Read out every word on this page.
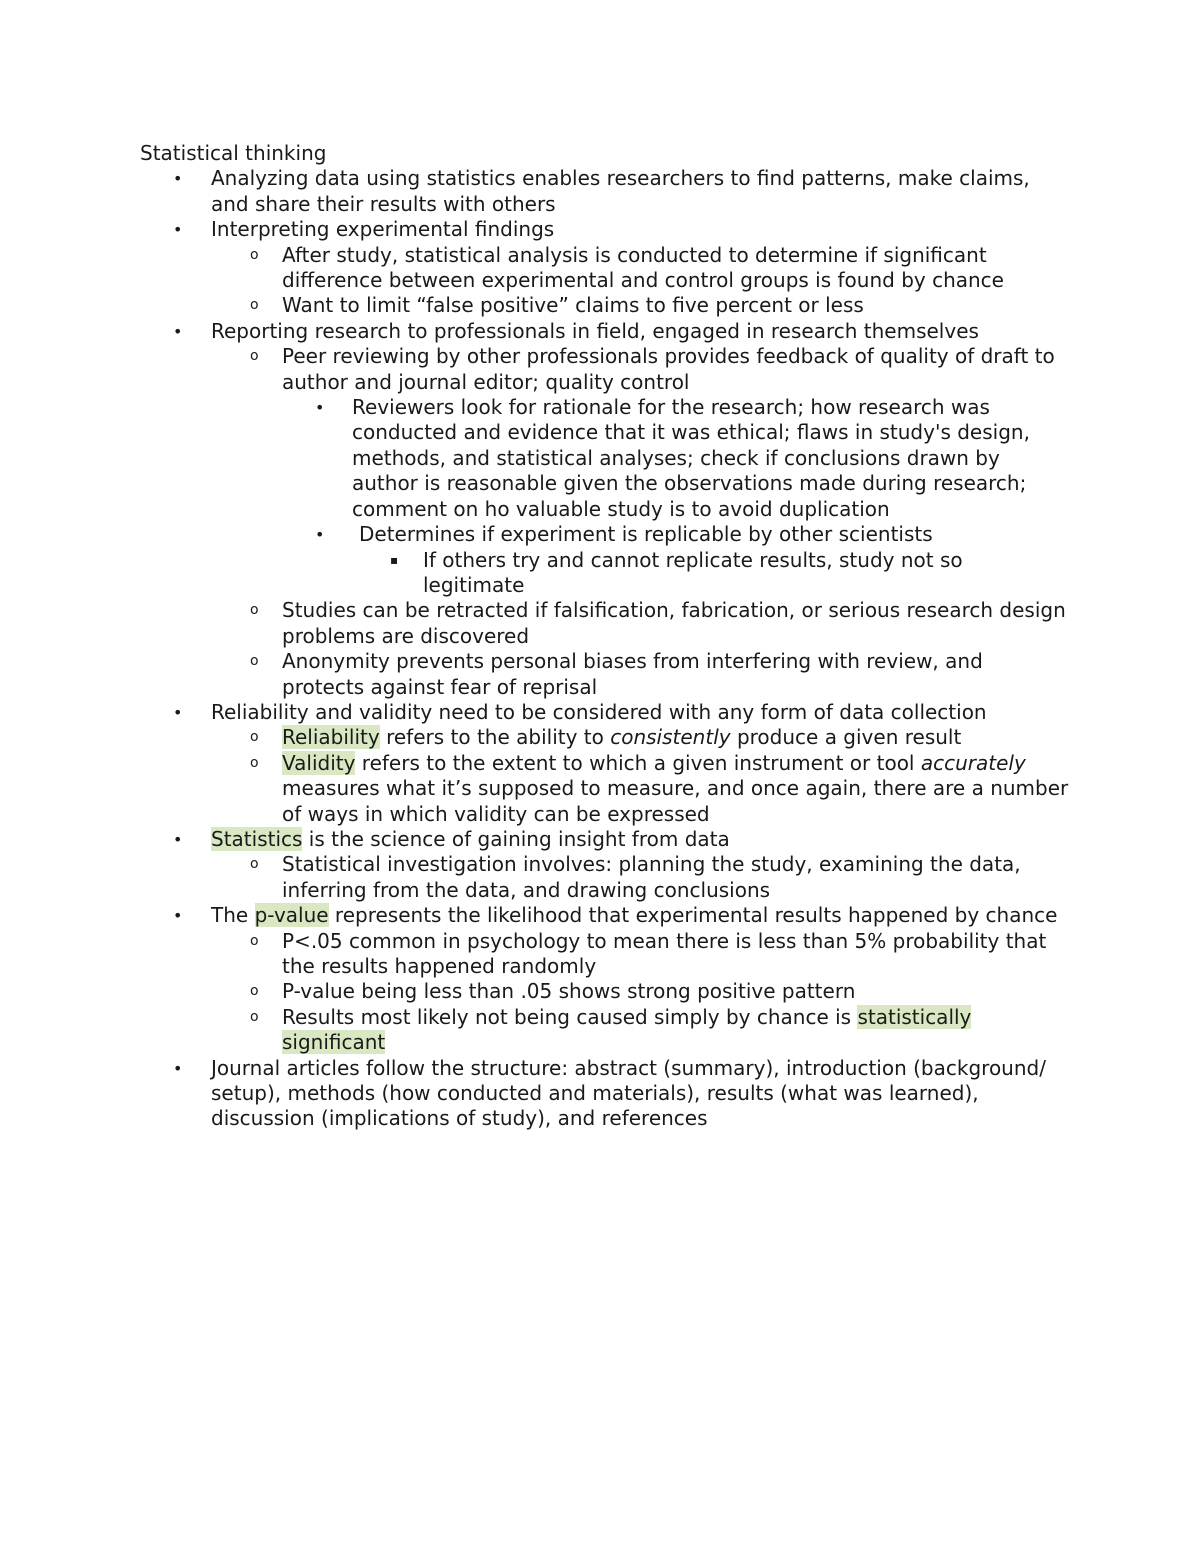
Statistical thinking

• Analyzing data using statistics enables researchers to find patterns, make claims, and share their results with others
• Interpreting experimental findings
o After study, statistical analysis is conducted to determine if significant difference between experimental and control groups is found by chance
o Want to limit “false positive” claims to five percent or less
• Reporting research to professionals in field, engaged in research themselves
o Peer reviewing by other professionals provides feedback of quality of draft to author and journal editor; quality control
• Reviewers look for rationale for the research; how research was conducted and evidence that it was ethical; flaws in study's design, methods, and statistical analyses; check if conclusions drawn by author is reasonable given the observations made during research; comment on ho valuable study is to avoid duplication
• Determines if experiment is replicable by other scientists
▪ If others try and cannot replicate results, study not so legitimate
o Studies can be retracted if falsification, fabrication, or serious research design problems are discovered
o Anonymity prevents personal biases from interfering with review, and protects against fear of reprisal
• Reliability and validity need to be considered with any form of data collection
o Reliability refers to the ability to consistently produce a given result
o Validity refers to the extent to which a given instrument or tool accurately measures what it’s supposed to measure, and once again, there are a number of ways in which validity can be expressed
• Statistics is the science of gaining insight from data
o Statistical investigation involves: planning the study, examining the data, inferring from the data, and drawing conclusions
• The p-value represents the likelihood that experimental results happened by chance
o P<.05 common in psychology to mean there is less than 5% probability that the results happened randomly
o P-value being less than .05 shows strong positive pattern
o Results most likely not being caused simply by chance is statistically significant
• Journal articles follow the structure: abstract (summary), introduction (background/ setup), methods (how conducted and materials), results (what was learned), discussion (implications of study), and references
